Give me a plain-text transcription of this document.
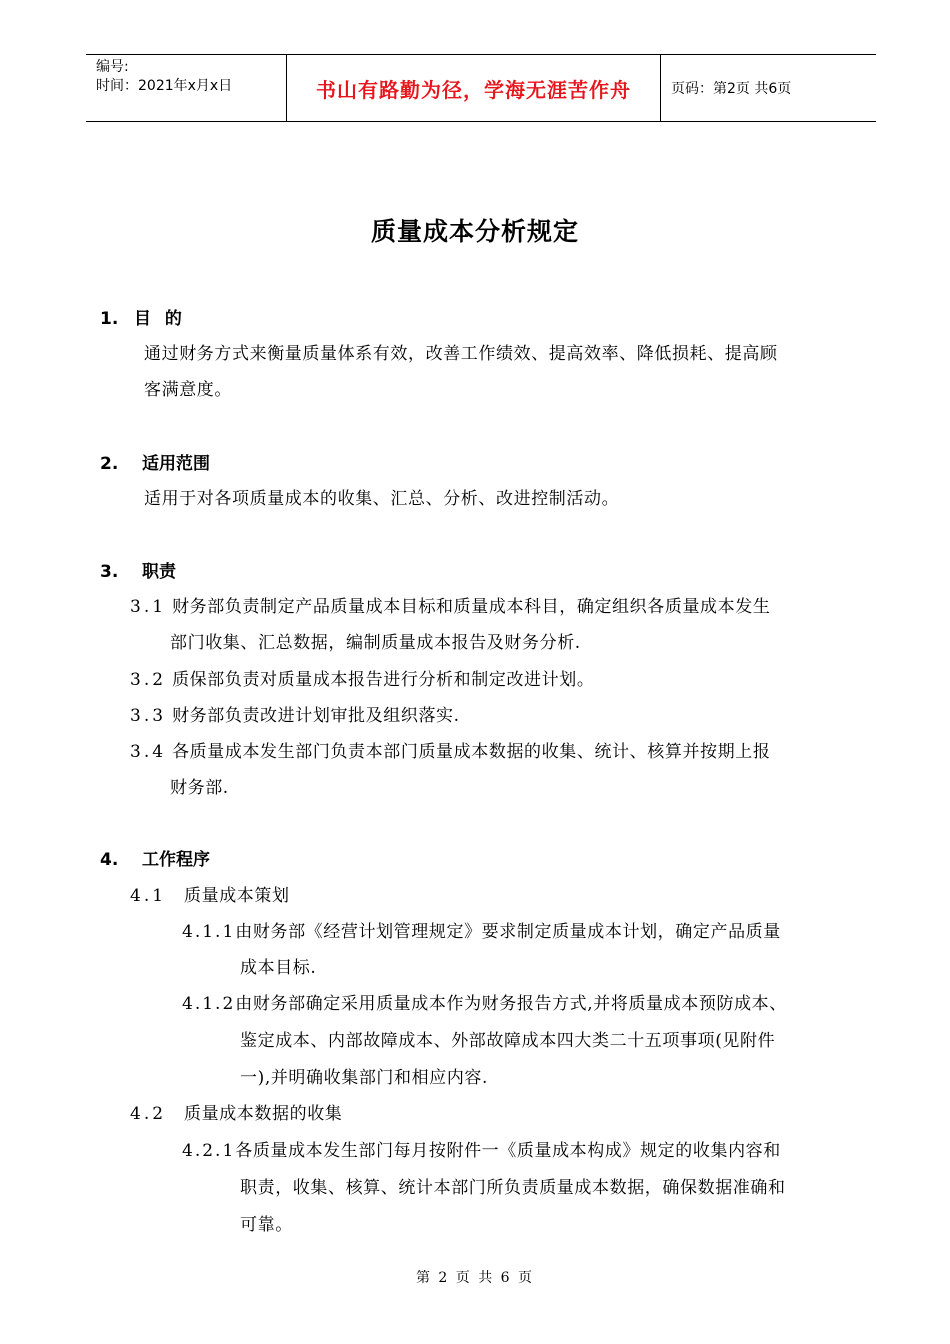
编号:
时间：2021年x月x日	书山有路勤为径，学海无涯苦作舟	页码：第2页 共6页
质量成本分析规定
1. 目 的
通过财务方式来衡量质量体系有效，改善工作绩效、提高效率、降低损耗、提高顾
客满意度。
2. 适用范围
适用于对各项质量成本的收集、汇总、分析、改进控制活动。
3. 职责
3.1 财务部负责制定产品质量成本目标和质量成本科目，确定组织各质量成本发生
部门收集、汇总数据，编制质量成本报告及财务分析.
3.2 质保部负责对质量成本报告进行分析和制定改进计划。
3.3 财务部负责改进计划审批及组织落实.
3.4 各质量成本发生部门负责本部门质量成本数据的收集、统计、核算并按期上报
财务部.
4. 工作程序
4.1 质量成本策划
4.1.1由财务部《经营计划管理规定》要求制定质量成本计划，确定产品质量
成本目标.
4.1.2由财务部确定采用质量成本作为财务报告方式,并将质量成本预防成本、
鉴定成本、内部故障成本、外部故障成本四大类二十五项事项(见附件
一),并明确收集部门和相应内容.
4.2 质量成本数据的收集
4.2.1各质量成本发生部门每月按附件一《质量成本构成》规定的收集内容和
职责，收集、核算、统计本部门所负责质量成本数据，确保数据准确和
可靠。
第 2 页 共 6 页
